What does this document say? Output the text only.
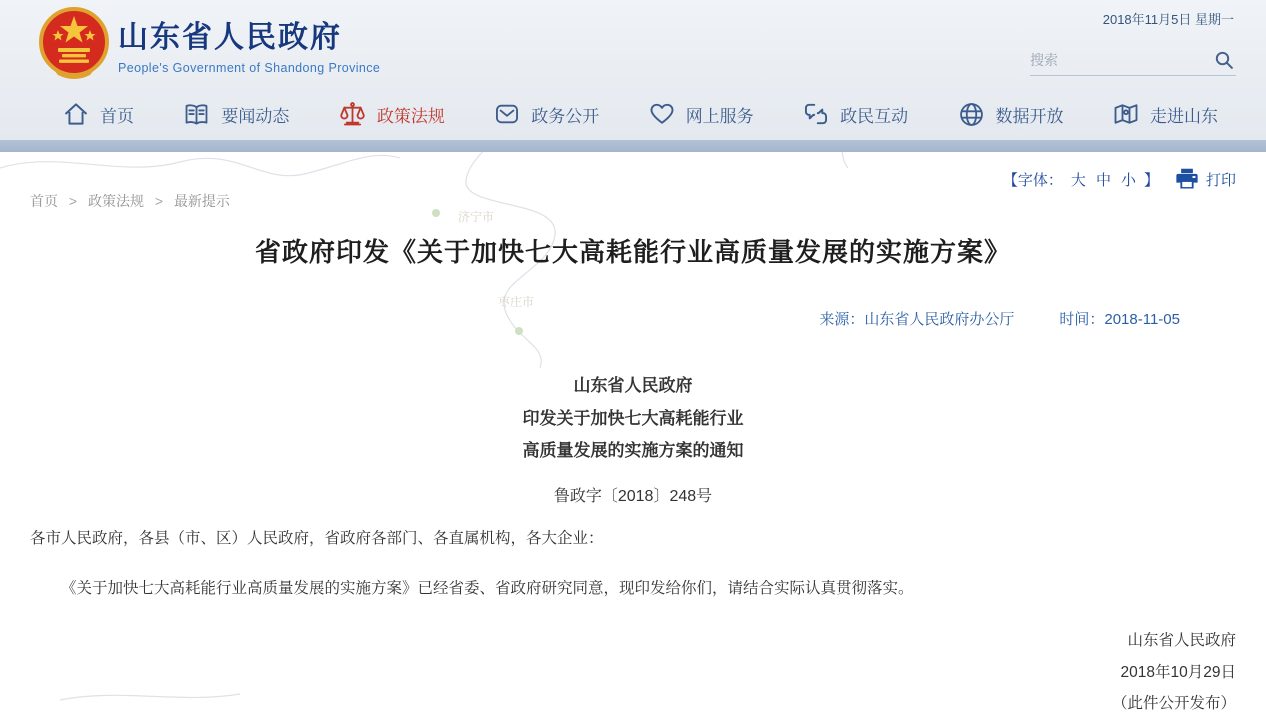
济宁市
枣庄市
山东省人民政府
People's Government of Shandong Province
2018年11月5日 星期一
搜索
首页	要闻动态	政策法规	政务公开	网上服务	政民互动	数据开放	走进山东
【字体： 大 中 小 】	打印
首页 > 政策法规 > 最新提示
省政府印发《关于加快七大高耗能行业高质量发展的实施方案》
来源：山东省人民政府办公厅	时间：2018-11-05
山东省人民政府
印发关于加快七大高耗能行业
高质量发展的实施方案的通知
鲁政字〔2018〕248号

各市人民政府，各县（市、区）人民政府，省政府各部门、各直属机构，各大企业：

《关于加快七大高耗能行业高质量发展的实施方案》已经省委、省政府研究同意，现印发给你们，请结合实际认真贯彻落实。

山东省人民政府
2018年10月29日
（此件公开发布）
